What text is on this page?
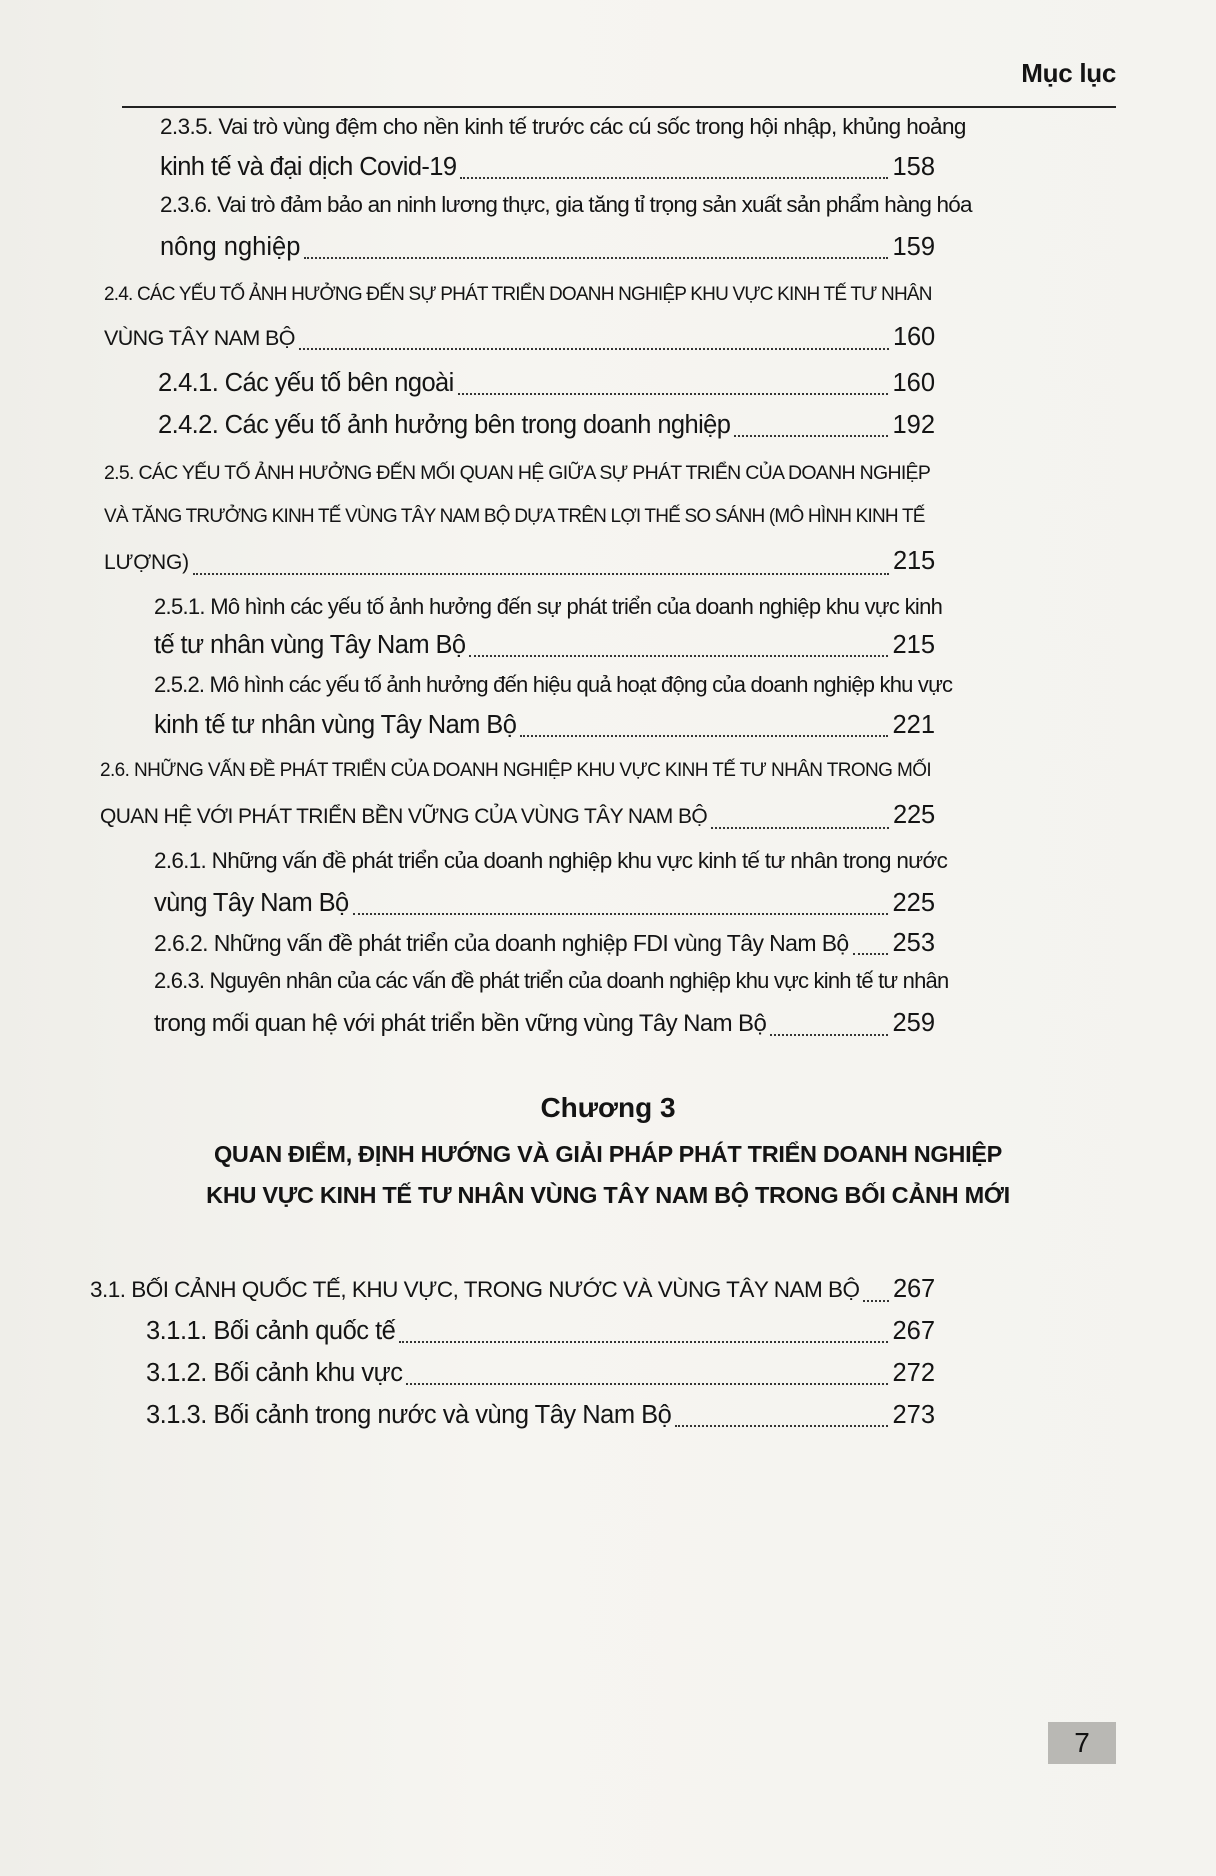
Mục lục
2.3.5. Vai trò vùng đệm cho nền kinh tế trước các cú sốc trong hội nhập, khủng hoảng
kinh tế và đại dịch Covid-19	158
2.3.6. Vai trò đảm bảo an ninh lương thực, gia tăng tỉ trọng sản xuất sản phẩm hàng hóa
nông nghiệp	159
2.4. CÁC YẾU TỐ ẢNH HƯỞNG ĐẾN SỰ PHÁT TRIỂN DOANH NGHIỆP KHU VỰC KINH TẾ TƯ NHÂN
VÙNG TÂY NAM BỘ	160
2.4.1. Các yếu tố bên ngoài	160
2.4.2. Các yếu tố ảnh hưởng bên trong doanh nghiệp	192
2.5. CÁC YẾU TỐ ẢNH HƯỞNG ĐẾN MỐI QUAN HỆ GIỮA SỰ PHÁT TRIỂN CỦA DOANH NGHIỆP
VÀ TĂNG TRƯỞNG KINH TẾ VÙNG TÂY NAM BỘ DỰA TRÊN LỢI THẾ SO SÁNH (MÔ HÌNH KINH TẾ
LƯỢNG)	215
2.5.1. Mô hình các yếu tố ảnh hưởng đến sự phát triển của doanh nghiệp khu vực kinh
tế tư nhân vùng Tây Nam Bộ	215
2.5.2. Mô hình các yếu tố ảnh hưởng đến hiệu quả hoạt động của doanh nghiệp khu vực
kinh tế tư nhân vùng Tây Nam Bộ	221
2.6. NHỮNG VẤN ĐỀ PHÁT TRIỂN CỦA DOANH NGHIỆP KHU VỰC KINH TẾ TƯ NHÂN TRONG MỐI
QUAN HỆ VỚI PHÁT TRIỂN BỀN VỮNG CỦA VÙNG TÂY NAM BỘ	225
2.6.1. Những vấn đề phát triển của doanh nghiệp khu vực kinh tế tư nhân trong nước
vùng Tây Nam Bộ	225
2.6.2. Những vấn đề phát triển của doanh nghiệp FDI vùng Tây Nam Bộ 253
2.6.3. Nguyên nhân của các vấn đề phát triển của doanh nghiệp khu vực kinh tế tư nhân
trong mối quan hệ với phát triển bền vững vùng Tây Nam Bộ	259
Chương 3
QUAN ĐIỂM, ĐỊNH HƯỚNG VÀ GIẢI PHÁP PHÁT TRIỂN DOANH NGHIỆP
KHU VỰC KINH TẾ TƯ NHÂN VÙNG TÂY NAM BỘ TRONG BỐI CẢNH MỚI
3.1. BỐI CẢNH QUỐC TẾ, KHU VỰC, TRONG NƯỚC VÀ VÙNG TÂY NAM BỘ 267
3.1.1. Bối cảnh quốc tế	267
3.1.2. Bối cảnh khu vực	272
3.1.3. Bối cảnh trong nước và vùng Tây Nam Bộ	273
7
